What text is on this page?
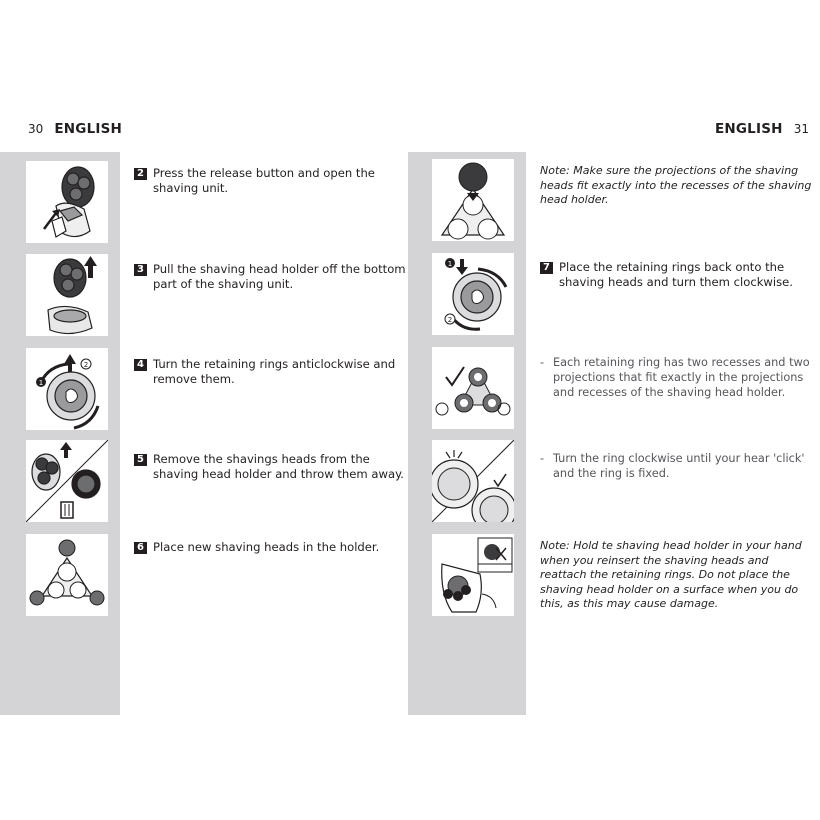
30 ENGLISH	ENGLISH 31
1
2
2 Press the release button and open the shaving unit.
3 Pull the shaving head holder off the bottom part of the shaving unit.
4 Turn the retaining rings anticlockwise and remove them.
5 Remove the shavings heads from the shaving head holder and throw them away.
6 Place new shaving heads in the holder.
1
2
Note: Make sure the projections of the shaving heads fit exactly into the recesses of the shaving head holder.
7 Place the retaining rings back onto the shaving heads and turn them clockwise.
- Each retaining ring has two recesses and two projections that fit exactly in the projections and recesses of the shaving head holder.
- Turn the ring clockwise until your hear 'click' and the ring is fixed.
Note: Hold te shaving head holder in your hand when you reinsert the shaving heads and reattach the retaining rings. Do not place the shaving head holder on a surface when you do this, as this may cause damage.
